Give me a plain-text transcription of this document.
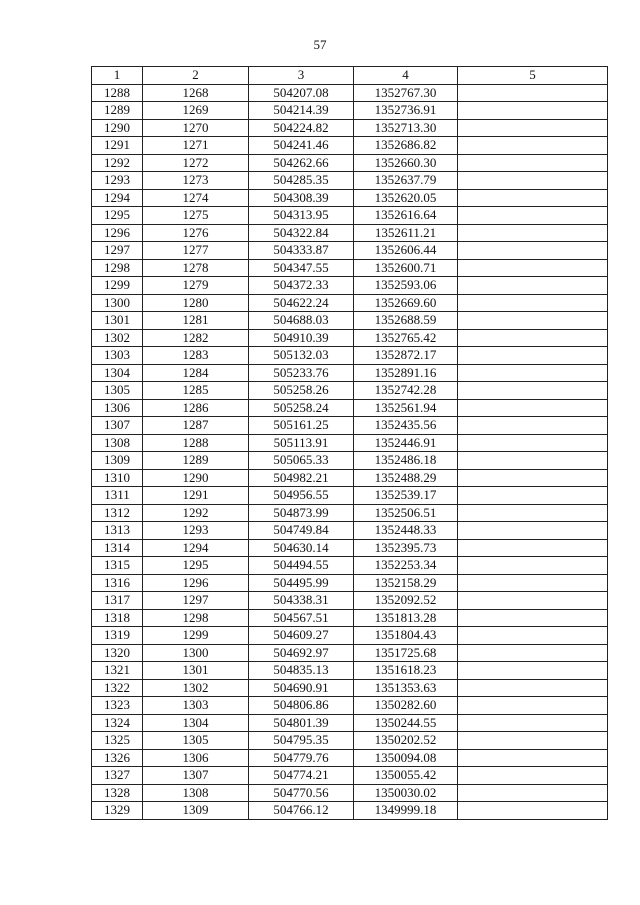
57
1	2	3	4	5
1288	1268	504207.08	1352767.30	
1289	1269	504214.39	1352736.91	
1290	1270	504224.82	1352713.30	
1291	1271	504241.46	1352686.82	
1292	1272	504262.66	1352660.30	
1293	1273	504285.35	1352637.79	
1294	1274	504308.39	1352620.05	
1295	1275	504313.95	1352616.64	
1296	1276	504322.84	1352611.21	
1297	1277	504333.87	1352606.44	
1298	1278	504347.55	1352600.71	
1299	1279	504372.33	1352593.06	
1300	1280	504622.24	1352669.60	
1301	1281	504688.03	1352688.59	
1302	1282	504910.39	1352765.42	
1303	1283	505132.03	1352872.17	
1304	1284	505233.76	1352891.16	
1305	1285	505258.26	1352742.28	
1306	1286	505258.24	1352561.94	
1307	1287	505161.25	1352435.56	
1308	1288	505113.91	1352446.91	
1309	1289	505065.33	1352486.18	
1310	1290	504982.21	1352488.29	
1311	1291	504956.55	1352539.17	
1312	1292	504873.99	1352506.51	
1313	1293	504749.84	1352448.33	
1314	1294	504630.14	1352395.73	
1315	1295	504494.55	1352253.34	
1316	1296	504495.99	1352158.29	
1317	1297	504338.31	1352092.52	
1318	1298	504567.51	1351813.28	
1319	1299	504609.27	1351804.43	
1320	1300	504692.97	1351725.68	
1321	1301	504835.13	1351618.23	
1322	1302	504690.91	1351353.63	
1323	1303	504806.86	1350282.60	
1324	1304	504801.39	1350244.55	
1325	1305	504795.35	1350202.52	
1326	1306	504779.76	1350094.08	
1327	1307	504774.21	1350055.42	
1328	1308	504770.56	1350030.02	
1329	1309	504766.12	1349999.18	
